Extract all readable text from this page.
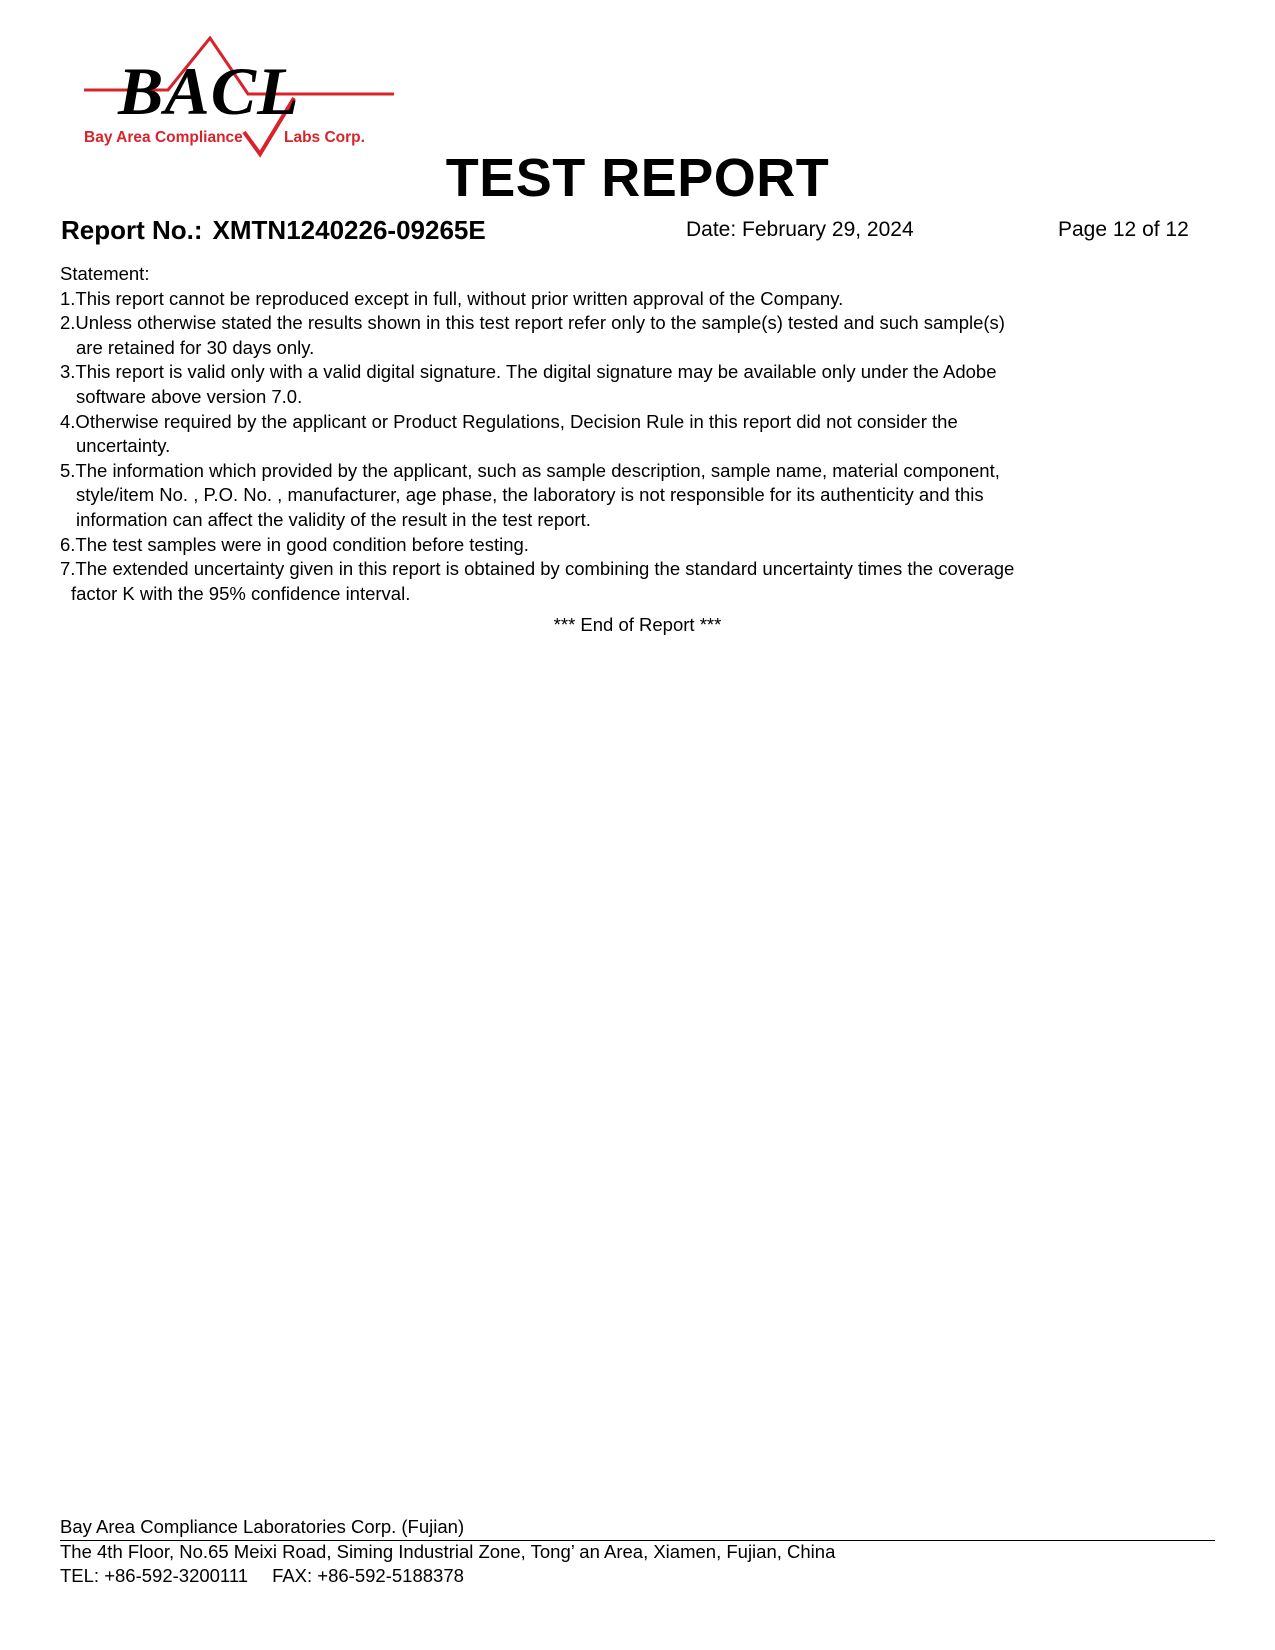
BACL
Bay Area Compliance	Labs Corp.
TEST REPORT
Report No.: XMTN1240226-09265E	Date: February 29, 2024	Page 12 of 12
Statement:
1.This report cannot be reproduced except in full, without prior written approval of the Company.
2.Unless otherwise stated the results shown in this test report refer only to the sample(s) tested and such sample(s)
are retained for 30 days only.
3.This report is valid only with a valid digital signature. The digital signature may be available only under the Adobe
software above version 7.0.
4.Otherwise required by the applicant or Product Regulations, Decision Rule in this report did not consider the
uncertainty.
5.The information which provided by the applicant, such as sample description, sample name, material component,
style/item No. , P.O. No. , manufacturer, age phase, the laboratory is not responsible for its authenticity and this
information can affect the validity of the result in the test report.
6.The test samples were in good condition before testing.
7.The extended uncertainty given in this report is obtained by combining the standard uncertainty times the coverage
factor K with the 95% confidence interval.
*** End of Report ***
Bay Area Compliance Laboratories Corp. (Fujian)
The 4th Floor, No.65 Meixi Road, Siming Industrial Zone, Tong’ an Area, Xiamen, Fujian, China
TEL: +86-592-3200111 FAX: +86-592-5188378
